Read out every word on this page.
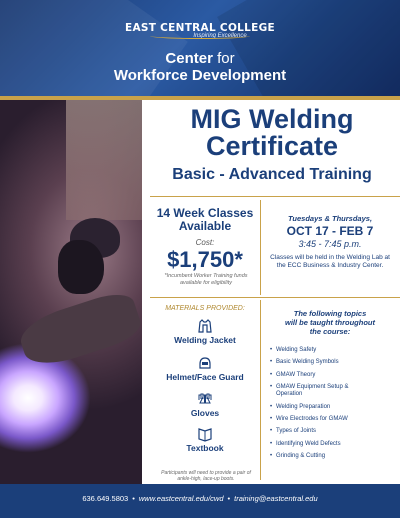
EAST CENTRAL COLLEGE
Inspiring Excellence
Center for
Workforce Development
MIG Welding
Certificate
Basic - Advanced Training
14 Week Classes
Available
Cost:
$1,750*
*Incumbent Worker Training funds available for eligibility
Tuesdays & Thursdays,
OCT 17 - FEB 7
3:45 - 7:45 p.m.
Classes will be held in the Welding Lab at the ECC Business & Industry Center.
MATERIALS PROVIDED:
Welding Jacket
Helmet/Face Guard
Gloves
Textbook
Participants will need to provide a pair of ankle-high, lace-up boots.
The following topics
will be taught throughout
the course:
• Welding Safety
• Basic Welding Symbols
• GMAW Theory
• GMAW Equipment Setup & Operation
• Welding Preparation
• Wire Electrodes for GMAW
• Types of Joints
• Identifying Weld Defects
• Grinding & Cutting
636.649.5803 • www.eastcentral.edu/cwd • training@eastcentral.edu
